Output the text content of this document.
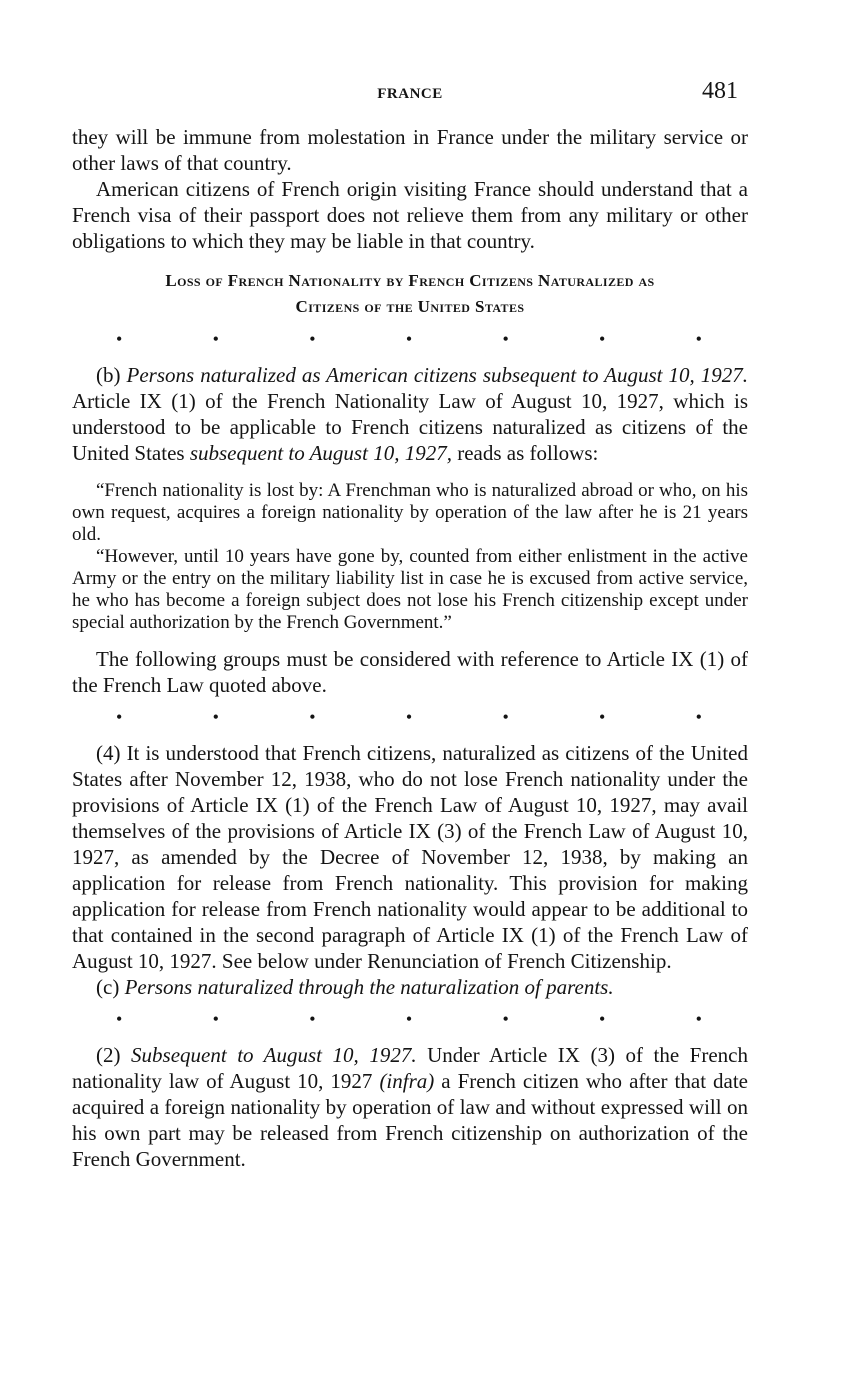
FRANCE	481

they will be immune from molestation in France under the military service or other laws of that country.

American citizens of French origin visiting France should understand that a French visa of their passport does not relieve them from any military or other obligations to which they may be liable in that country.

Loss of French Nationality by French Citizens Naturalized as
Citizens of the United States
•	•	•	•	•	•	•

(b) Persons naturalized as American citizens subsequent to August 10, 1927. Article IX (1) of the French Nationality Law of August 10, 1927, which is understood to be applicable to French citizens naturalized as citizens of the United States subsequent to August 10, 1927, reads as follows:

“French nationality is lost by: A Frenchman who is naturalized abroad or who, on his own request, acquires a foreign nationality by operation of the law after he is 21 years old.

“However, until 10 years have gone by, counted from either enlistment in the active Army or the entry on the military liability list in case he is excused from active service, he who has become a foreign subject does not lose his French citizenship except under special authorization by the French Government.”

The following groups must be considered with reference to Article IX (1) of the French Law quoted above.

•	•	•	•	•	•	•

(4) It is understood that French citizens, naturalized as citizens of the United States after November 12, 1938, who do not lose French nationality under the provisions of Article IX (1) of the French Law of August 10, 1927, may avail themselves of the provisions of Article IX (3) of the French Law of August 10, 1927, as amended by the Decree of November 12, 1938, by making an application for release from French nationality. This provision for making application for release from French nationality would appear to be additional to that contained in the second paragraph of Article IX (1) of the French Law of August 10, 1927. See below under Renunciation of French Citizenship.

(c) Persons naturalized through the naturalization of parents.

•	•	•	•	•	•	•

(2) Subsequent to August 10, 1927. Under Article IX (3) of the French nationality law of August 10, 1927 (infra) a French citizen who after that date acquired a foreign nationality by operation of law and without expressed will on his own part may be released from French citizenship on authorization of the French Government.
